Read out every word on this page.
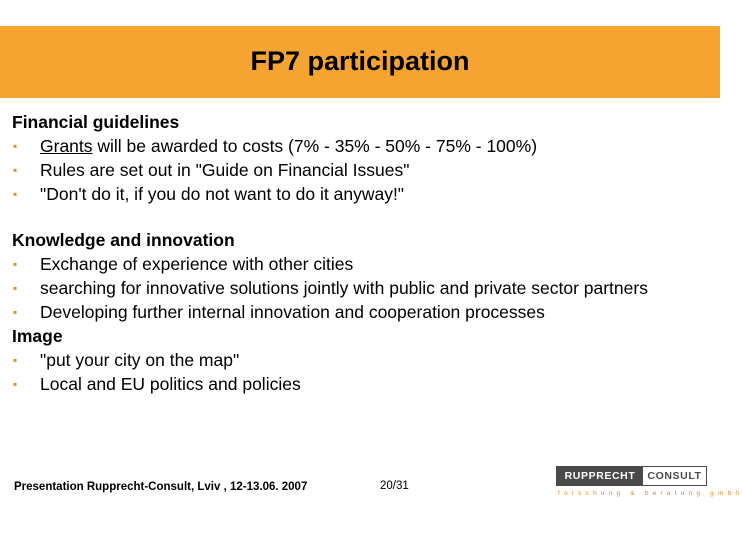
FP7 participation
Financial guidelines
▪	Grants will be awarded to costs (7% - 35% - 50% - 75% - 100%)
▪	Rules are set out in "Guide on Financial Issues"
▪	"Don't do it, if you do not want to do it anyway!"
Knowledge and innovation
▪	Exchange of experience with other cities
▪	searching for innovative solutions jointly with public and private sector partners
▪	Developing further internal innovation and cooperation processes
Image
▪	"put your city on the map"
▪	Local and EU politics and policies
Presentation Rupprecht-Consult, Lviv , 12-13.06. 2007	20/31
RUPPRECHT	CONSULT
forschung & beratung gmbh
